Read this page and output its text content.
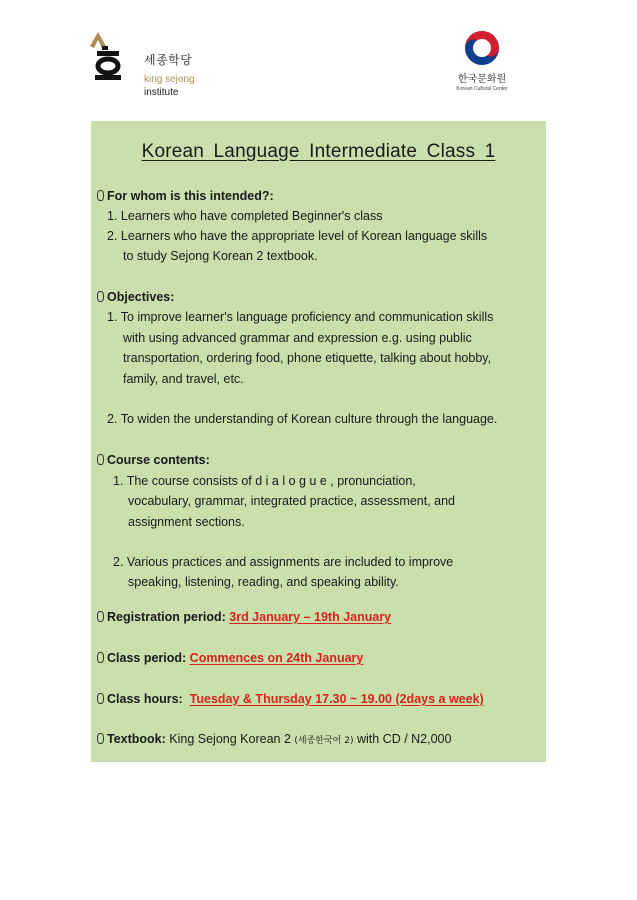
세종학당
king sejong
institute
한국문화원
Korean Cultural Center
Korean Language Intermediate Class 1
For whom is this intended?:
1. Learners who have completed Beginner's class
2. Learners who have the appropriate level of Korean language skills
to study Sejong Korean 2 textbook.
Objectives:
1. To improve learner's language proficiency and communication skills
with using advanced grammar and expression e.g. using public
transportation, ordering food, phone etiquette, talking about hobby,
family, and travel, etc.
2. To widen the understanding of Korean culture through the language.
Course contents:
1. The course consists of d i a l o g u e , pronunciation,
vocabulary, grammar, integrated practice, assessment, and
assignment sections.
2. Various practices and assignments are included to improve
speaking, listening, reading, and speaking ability.
Registration period: 3rd January – 19th January
Class period: Commences on 24th January
Class hours: Tuesday & Thursday 17.30 ~ 19.00 (2days a week)
Textbook: King Sejong Korean 2 (세종한국어 2) with CD / N2,000
